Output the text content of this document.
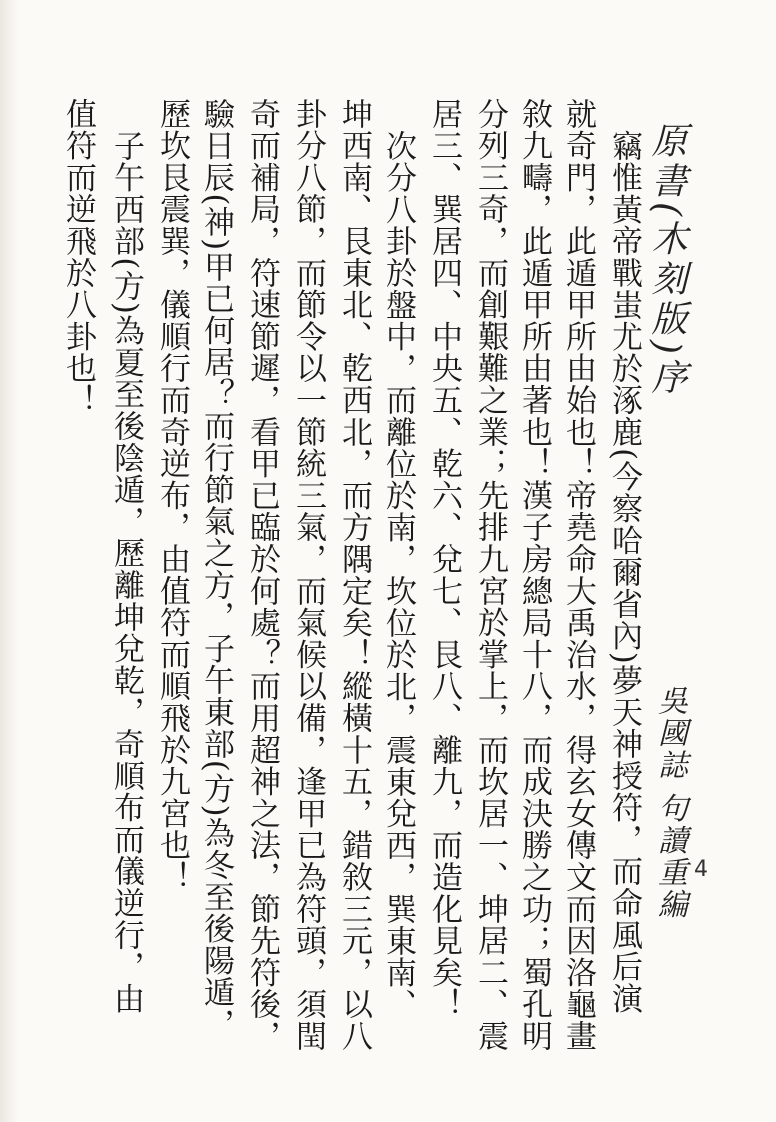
原書(木刻版)序
吳國誌 句讀重編
竊惟黃帝戰蚩尤於涿鹿(今察哈爾省內)夢天神授符，而命風后演
就奇門，此遁甲所由始也！帝堯命大禹治水，得玄女傳文而因洛龜畫
敘九疇，此遁甲所由著也！漢子房總局十八，而成決勝之功；蜀孔明
分列三奇，而創艱難之業；先排九宮於掌上，而坎居一、坤居二、震
居三、巽居四、中央五、乾六、兌七、艮八、離九，而造化見矣！
次分八卦於盤中，而離位於南，坎位於北，震東兌西，巽東南、
坤西南、艮東北、乾西北，而方隅定矣！縱橫十五，錯敘三元，以八
卦分八節，而節令以一節統三氣，而氣候以備，逢甲已為符頭，須閏
奇而補局，符速節遲，看甲已臨於何處？而用超神之法，節先符後，
驗日辰(神)甲已何居？而行節氣之方，子午東部(方)為冬至後陽遁，
歷坎艮震巽，儀順行而奇逆布，由值符而順飛於九宮也！
子午西部(方)為夏至後陰遁，歷離坤兌乾，奇順布而儀逆行，由
值符而逆飛於八卦也！
4
